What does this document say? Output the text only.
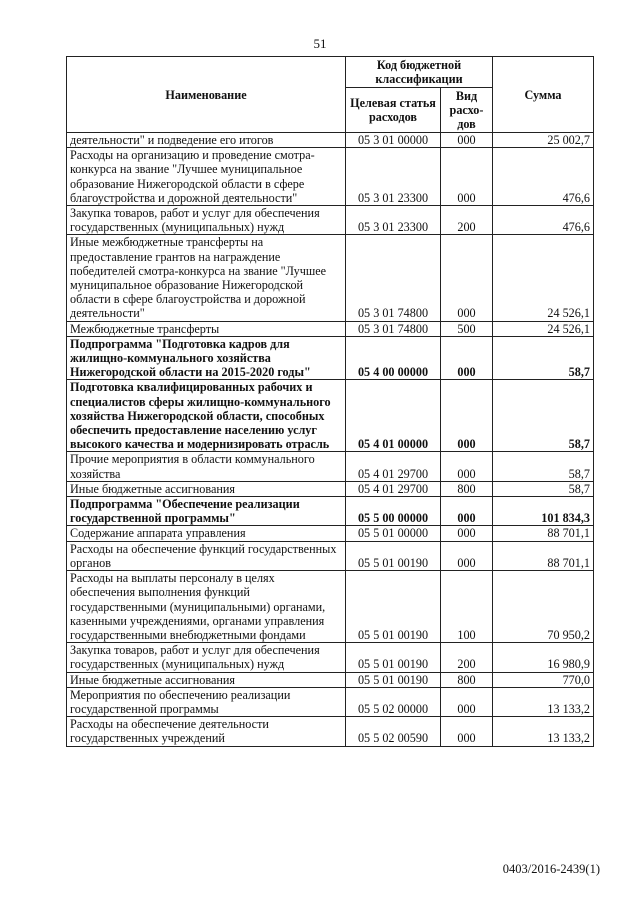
51
Наименование	Код бюджетной классификации		Сумма
	Целевая статья расходов	Вид расхо-дов	
деятельности" и подведение его итогов	05 3 01 00000	000	25 002,7
Расходы на организацию и проведение смотра-конкурса на звание "Лучшее муниципальное образование Нижегородской области в сфере благоустройства и дорожной деятельности"	05 3 01 23300	000	476,6
Закупка товаров, работ и услуг для обеспечения государственных (муниципальных) нужд	05 3 01 23300	200	476,6
Иные межбюджетные трансферты на предоставление грантов на награждение победителей смотра-конкурса на звание "Лучшее муниципальное образование Нижегородской области в сфере благоустройства и дорожной деятельности"	05 3 01 74800	000	24 526,1
Межбюджетные трансферты	05 3 01 74800	500	24 526,1
Подпрограмма "Подготовка кадров для жилищно-коммунального хозяйства Нижегородской области на 2015-2020 годы"	05 4 00 00000	000	58,7
Подготовка квалифицированных рабочих и специалистов сферы жилищно-коммунального хозяйства Нижегородской области, способных обеспечить предоставление населению услуг высокого качества и модернизировать отрасль	05 4 01 00000	000	58,7
Прочие мероприятия в области коммунального хозяйства	05 4 01 29700	000	58,7
Иные бюджетные ассигнования	05 4 01 29700	800	58,7
Подпрограмма "Обеспечение реализации государственной программы"	05 5 00 00000	000	101 834,3
Содержание аппарата управления	05 5 01 00000	000	88 701,1
Расходы на обеспечение функций государственных органов	05 5 01 00190	000	88 701,1
Расходы на выплаты персоналу в целях обеспечения выполнения функций государственными (муниципальными) органами, казенными учреждениями, органами управления государственными внебюджетными фондами	05 5 01 00190	100	70 950,2
Закупка товаров, работ и услуг для обеспечения государственных (муниципальных) нужд	05 5 01 00190	200	16 980,9
Иные бюджетные ассигнования	05 5 01 00190	800	770,0
Мероприятия по обеспечению реализации государственной программы	05 5 02 00000	000	13 133,2
Расходы на обеспечение деятельности государственных учреждений	05 5 02 00590	000	13 133,2
0403/2016-2439(1)
